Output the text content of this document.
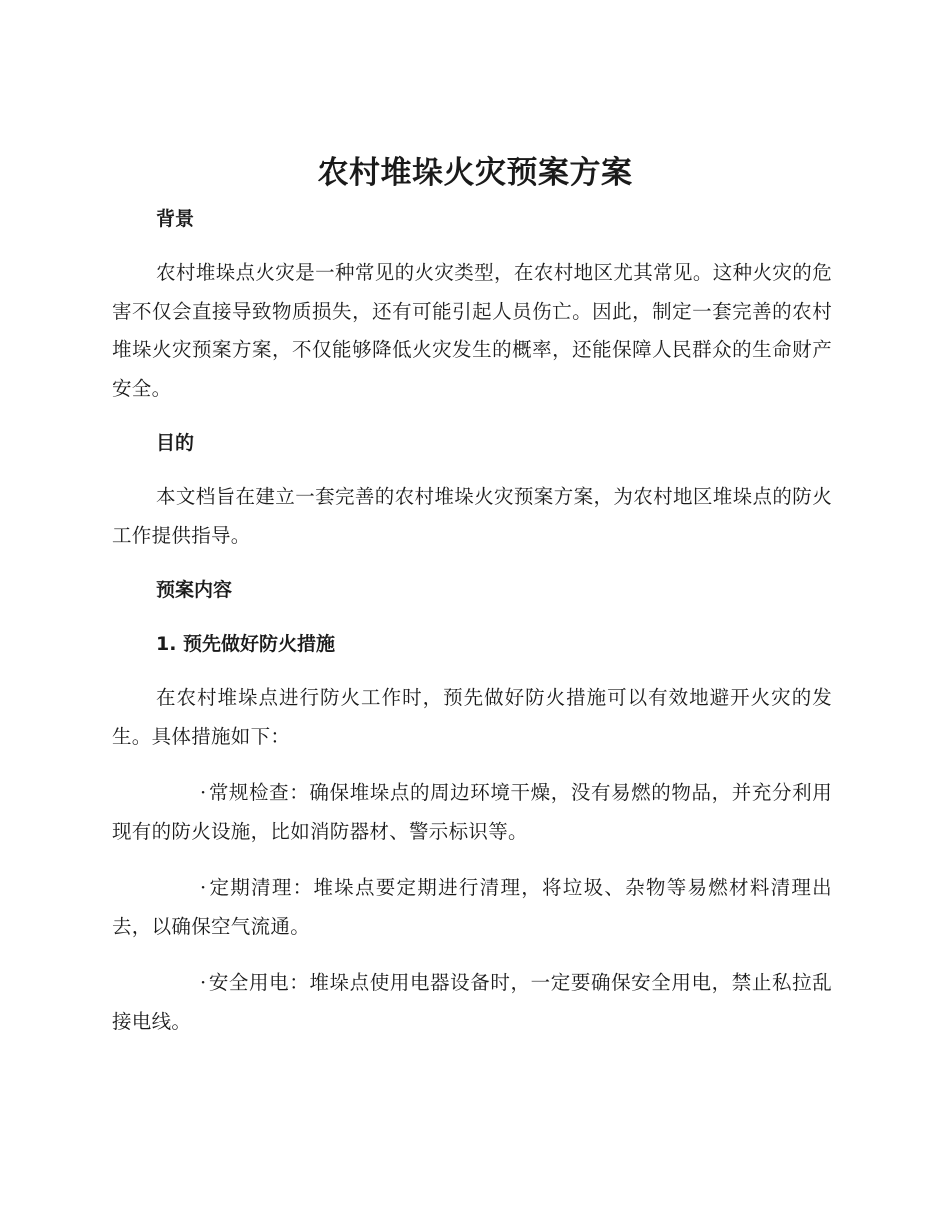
农村堆垛火灾预案方案

背景

农村堆垛点火灾是一种常见的火灾类型，在农村地区尤其常见。这种火灾的危害不仅会直接导致物质损失，还有可能引起人员伤亡。因此，制定一套完善的农村堆垛火灾预案方案，不仅能够降低火灾发生的概率，还能保障人民群众的生命财产安全。

目的

本文档旨在建立一套完善的农村堆垛火灾预案方案，为农村地区堆垛点的防火工作提供指导。

预案内容

1. 预先做好防火措施

在农村堆垛点进行防火工作时，预先做好防火措施可以有效地避开火灾的发生。具体措施如下：

· 常规检查：确保堆垛点的周边环境干燥，没有易燃的物品，并充分利用现有的防火设施，比如消防器材、警示标识等。

· 定期清理：堆垛点要定期进行清理，将垃圾、杂物等易燃材料清理出去，以确保空气流通。

· 安全用电：堆垛点使用电器设备时，一定要确保安全用电，禁止私拉乱接电线。
